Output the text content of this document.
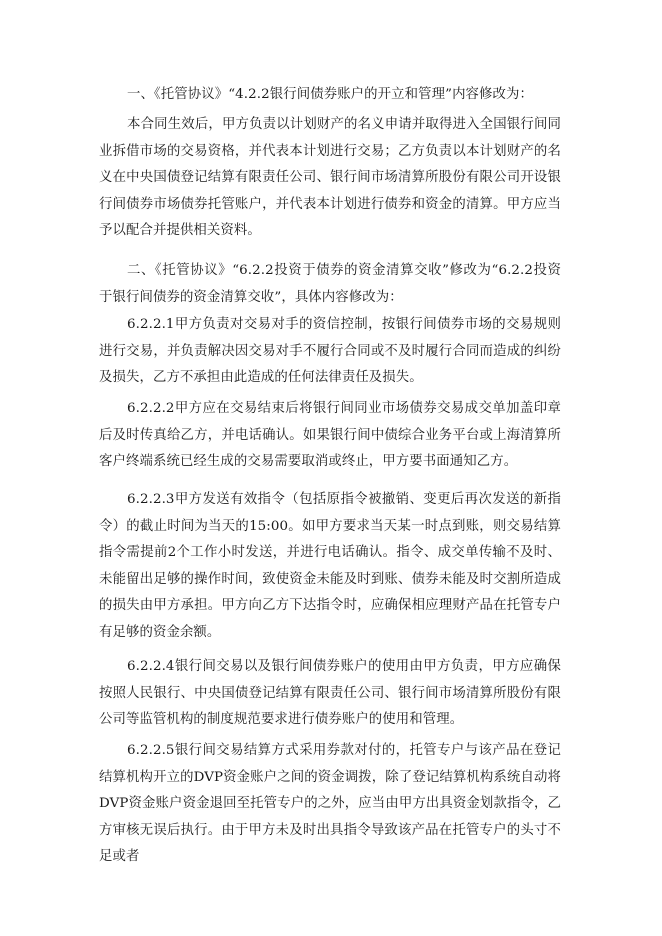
一、《托管协议》“4.2.2银行间债券账户的开立和管理”内容修改为：

本合同生效后，甲方负责以计划财产的名义申请并取得进入全国银行间同业拆借市场的交易资格，并代表本计划进行交易；乙方负责以本计划财产的名义在中央国债登记结算有限责任公司、银行间市场清算所股份有限公司开设银行间债券市场债券托管账户，并代表本计划进行债券和资金的清算。甲方应当予以配合并提供相关资料。

二、《托管协议》“6.2.2投资于债券的资金清算交收”修改为“6.2.2投资于银行间债券的资金清算交收”，具体内容修改为：

6.2.2.1甲方负责对交易对手的资信控制，按银行间债券市场的交易规则进行交易，并负责解决因交易对手不履行合同或不及时履行合同而造成的纠纷及损失，乙方不承担由此造成的任何法律责任及损失。

6.2.2.2甲方应在交易结束后将银行间同业市场债券交易成交单加盖印章后及时传真给乙方，并电话确认。如果银行间中债综合业务平台或上海清算所客户终端系统已经生成的交易需要取消或终止，甲方要书面通知乙方。

6.2.2.3甲方发送有效指令（包括原指令被撤销、变更后再次发送的新指令）的截止时间为当天的15:00。如甲方要求当天某一时点到账，则交易结算指令需提前2个工作小时发送，并进行电话确认。指令、成交单传输不及时、未能留出足够的操作时间，致使资金未能及时到账、债券未能及时交割所造成的损失由甲方承担。甲方向乙方下达指令时，应确保相应理财产品在托管专户有足够的资金余额。

6.2.2.4银行间交易以及银行间债券账户的使用由甲方负责，甲方应确保按照人民银行、中央国债登记结算有限责任公司、银行间市场清算所股份有限公司等监管机构的制度规范要求进行债券账户的使用和管理。

6.2.2.5银行间交易结算方式采用券款对付的，托管专户与该产品在登记结算机构开立的DVP资金账户之间的资金调拨，除了登记结算机构系统自动将DVP资金账户资金退回至托管专户的之外，应当由甲方出具资金划款指令，乙方审核无误后执行。由于甲方未及时出具指令导致该产品在托管专户的头寸不足或者
